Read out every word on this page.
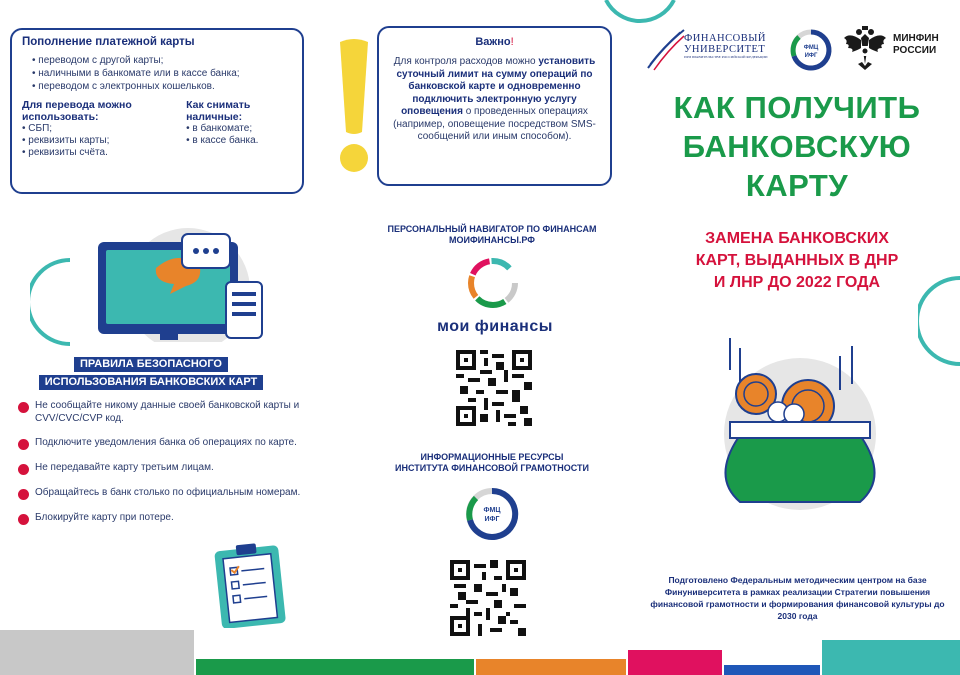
Пополнение платежной карты
• переводом с другой карты;
• наличными в банкомате или в кассе банка;
• переводом с электронных кошельков.
Для перевода можно использовать:
• СБП;
• реквизиты карты;
• реквизиты счёта.
Как снимать наличные:
• в банкомате;
• в кассе банка.
ПРАВИЛА БЕЗОПАСНОГО
ИСПОЛЬЗОВАНИЯ БАНКОВСКИХ КАРТ
Не сообщайте никому данные своей банковской карты и CVV/CVC/CVP код.
Подключите уведомления банка об операциях по карте.
Не передавайте карту третьим лицам.
Обращайтесь в банк столько по официальным номерам.
Блокируйте карту при потере.
Важно!
Для контроля расходов можно установить суточный лимит на сумму операций по банковской карте и одновременно подключить электронную услугу оповещения о проведенных операциях (например, оповещение посредством SMS-сообщений или иным способом).
ПЕРСОНАЛЬНЫЙ НАВИГАТОР ПО ФИНАНСАМ
МОИФИНАНСЫ.РФ
мои финансы
ИНФОРМАЦИОННЫЕ РЕСУРСЫ
ИНСТИТУТА ФИНАНСОВОЙ ГРАМОТНОСТИ
ФМЦ
ИФГ
ФИНАНСОВЫЙ
УНИВЕРСИТЕТ
ПРИ ПРАВИТЕЛЬСТВЕ РОССИЙСКОЙ ФЕДЕРАЦИИ
ФМЦ
ИФГ
МИНФИН
РОССИИ
КАК ПОЛУЧИТЬ
БАНКОВСКУЮ
КАРТУ
ЗАМЕНА БАНКОВСКИХ
КАРТ, ВЫДАННЫХ В ДНР
И ЛНР ДО 2022 ГОДА
Подготовлено Федеральным методическим центром на базе Финуниверситета в рамках реализации Стратегии повышения финансовой грамотности и формирования финансовой культуры до 2030 года
